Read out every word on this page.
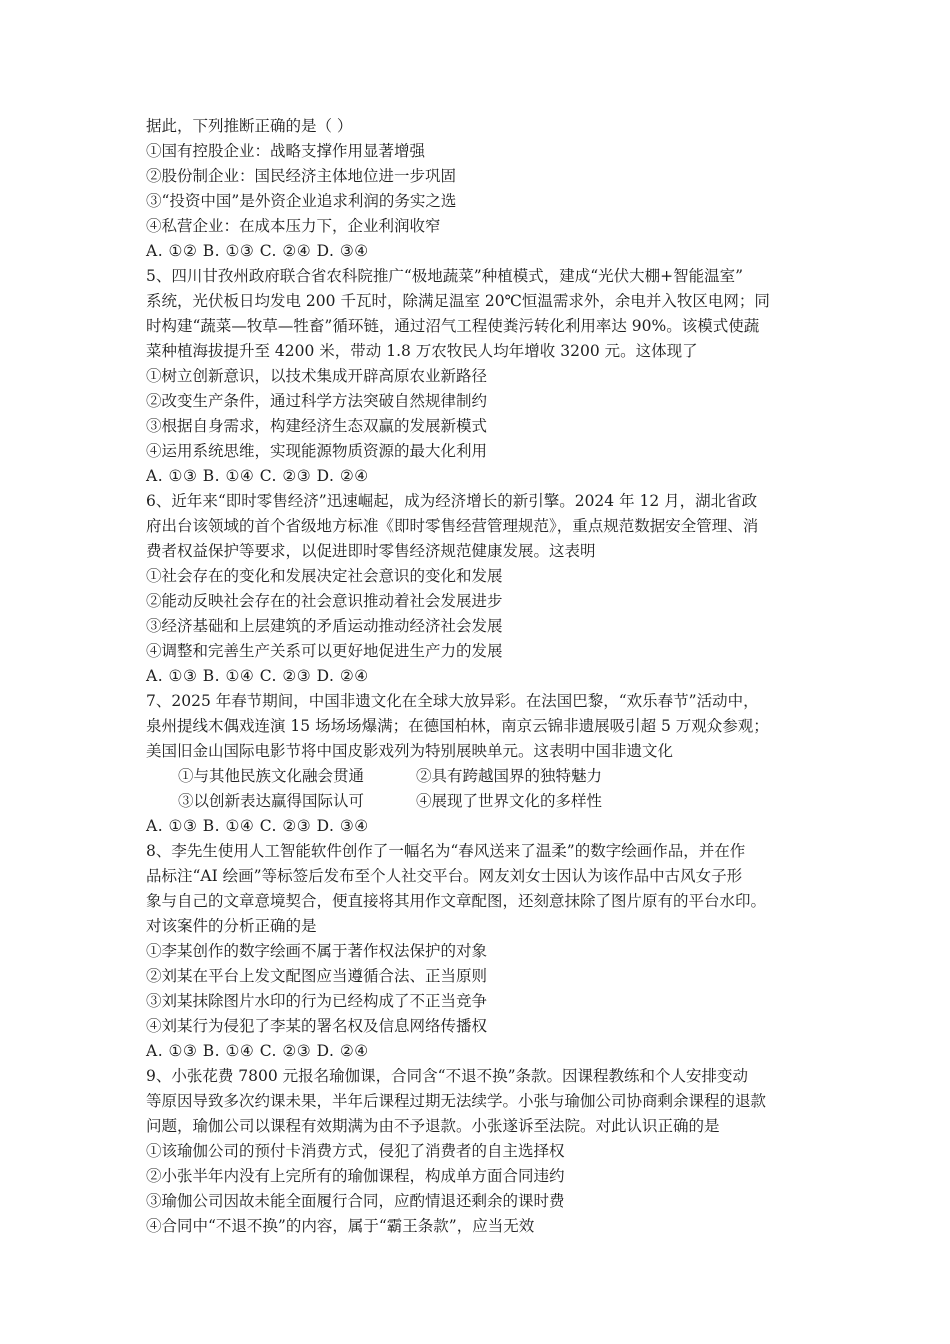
据此，下列推断正确的是（ ）
①国有控股企业：战略支撑作用显著增强
②股份制企业：国民经济主体地位进一步巩固
③“投资中国”是外资企业追求利润的务实之选
④私营企业：在成本压力下，企业利润收窄
A. ①② B. ①③ C. ②④ D. ③④
5、四川甘孜州政府联合省农科院推广“极地蔬菜”种植模式，建成“光伏大棚+智能温室”
系统，光伏板日均发电 200 千瓦时，除满足温室 20℃恒温需求外，余电并入牧区电网；同
时构建“蔬菜—牧草—牲畜”循环链，通过沼气工程使粪污转化利用率达 90%。该模式使蔬
菜种植海拔提升至 4200 米，带动 1.8 万农牧民人均年增收 3200 元。这体现了
①树立创新意识，以技术集成开辟高原农业新路径
②改变生产条件，通过科学方法突破自然规律制约
③根据自身需求，构建经济生态双赢的发展新模式
④运用系统思维，实现能源物质资源的最大化利用
A. ①③ B. ①④ C. ②③ D. ②④
6、近年来“即时零售经济”迅速崛起，成为经济增长的新引擎。2024 年 12 月，湖北省政
府出台该领域的首个省级地方标准《即时零售经营管理规范》，重点规范数据安全管理、消
费者权益保护等要求，以促进即时零售经济规范健康发展。这表明
①社会存在的变化和发展决定社会意识的变化和发展
②能动反映社会存在的社会意识推动着社会发展进步
③经济基础和上层建筑的矛盾运动推动经济社会发展
④调整和完善生产关系可以更好地促进生产力的发展
A. ①③ B. ①④ C. ②③ D. ②④
7、2025 年春节期间，中国非遗文化在全球大放异彩。在法国巴黎，“欢乐春节”活动中，
泉州提线木偶戏连演 15 场场场爆满；在德国柏林，南京云锦非遗展吸引超 5 万观众参观；
美国旧金山国际电影节将中国皮影戏列为特别展映单元。这表明中国非遗文化
①与其他民族文化融会贯通	②具有跨越国界的独特魅力
③以创新表达赢得国际认可	④展现了世界文化的多样性
A. ①③ B. ①④ C. ②③ D. ③④
8、李先生使用人工智能软件创作了一幅名为“春风送来了温柔”的数字绘画作品，并在作
品标注“AI 绘画”等标签后发布至个人社交平台。网友刘女士因认为该作品中古风女子形
象与自己的文章意境契合，便直接将其用作文章配图，还刻意抹除了图片原有的平台水印。
对该案件的分析正确的是
①李某创作的数字绘画不属于著作权法保护的对象
②刘某在平台上发文配图应当遵循合法、正当原则
③刘某抹除图片水印的行为已经构成了不正当竞争
④刘某行为侵犯了李某的署名权及信息网络传播权
A. ①③ B. ①④ C. ②③ D. ②④
9、小张花费 7800 元报名瑜伽课，合同含“不退不换”条款。因课程教练和个人安排变动
等原因导致多次约课未果，半年后课程过期无法续学。小张与瑜伽公司协商剩余课程的退款
问题，瑜伽公司以课程有效期满为由不予退款。小张遂诉至法院。对此认识正确的是
①该瑜伽公司的预付卡消费方式，侵犯了消费者的自主选择权
②小张半年内没有上完所有的瑜伽课程，构成单方面合同违约
③瑜伽公司因故未能全面履行合同，应酌情退还剩余的课时费
④合同中“不退不换”的内容，属于“霸王条款”，应当无效
